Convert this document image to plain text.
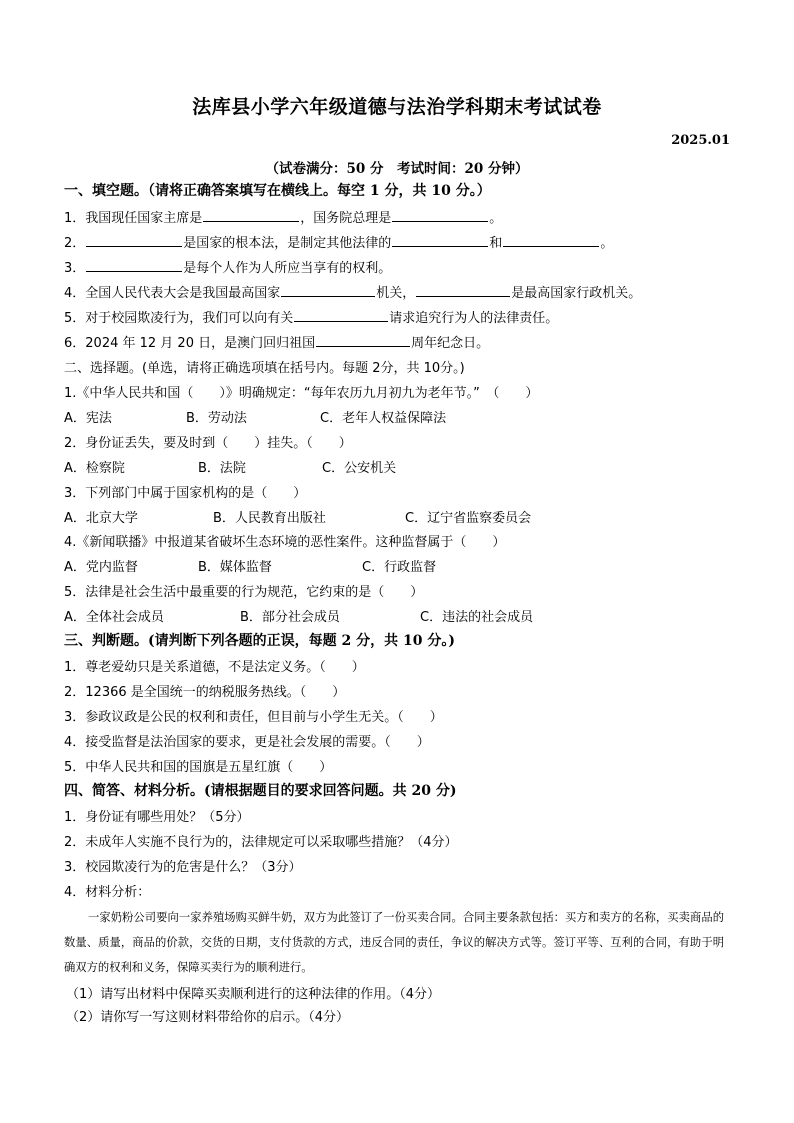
法库县小学六年级道德与法治学科期末考试试卷
2025.01
（试卷满分：50 分　考试时间：20 分钟）
一、填空题。（请将正确答案填写在横线上。每空 1 分，共 10 分。）
1．我国现任国家主席是	，国务院总理是	。
2．	是国家的根本法，是制定其他法律的	和	。
3．	是每个人作为人所应当享有的权利。
4．全国人民代表大会是我国最高国家	机关，	是最高国家行政机关。
5．对于校园欺凌行为，我们可以向有关	请求追究行为人的法律责任。
6．2024 年 12 月 20 日，是澳门回归祖国	周年纪念日。
二、选择题。(单选，请将正确选项填在括号内。每题 2分，共 10分。)
1.《中华人民共和国（　　）》明确规定：“每年农历九月初九为老年节。”　（　　）
A．宪法	B．劳动法	C．老年人权益保障法
2．身份证丢失，要及时到（　　）挂失。（　　）
A．检察院	B．法院	C．公安机关
3．下列部门中属于国家机构的是（　　）
A．北京大学	B．人民教育出版社	C．辽宁省监察委员会
4.《新闻联播》中报道某省破坏生态环境的恶性案件。这种监督属于（　　）
A．党内监督	B．媒体监督	C．行政监督
5．法律是社会生活中最重要的行为规范，它约束的是（　　）
A．全体社会成员	B．部分社会成员	C．违法的社会成员
三、判断题。(请判断下列各题的正误，每题 2 分，共 10 分。)
1．尊老爱幼只是关系道德，不是法定义务。（　　）
2．12366 是全国统一的纳税服务热线。（　　）
3．参政议政是公民的权利和责任，但目前与小学生无关。（　　）
4．接受监督是法治国家的要求，更是社会发展的需要。（　　）
5．中华人民共和国的国旗是五星红旗（　　）
四、简答、材料分析。(请根据题目的要求回答问题。共 20 分)
1．身份证有哪些用处？（5分）
2．未成年人实施不良行为的，法律规定可以采取哪些措施？（4分）
3．校园欺凌行为的危害是什么？（3分）
4．材料分析：
一家奶粉公司要向一家养殖场购买鲜牛奶，双方为此签订了一份买卖合同。合同主要条款包括：买方和卖方的名称，买卖商品的数量、质量，商品的价款，交货的日期，支付货款的方式，违反合同的责任，争议的解决方式等。签订平等、互利的合同，有助于明确双方的权利和义务，保障买卖行为的顺利进行。
（1）请写出材料中保障买卖顺利进行的这种法律的作用。（4分）
（2）请你写一写这则材料带给你的启示。（4分）
